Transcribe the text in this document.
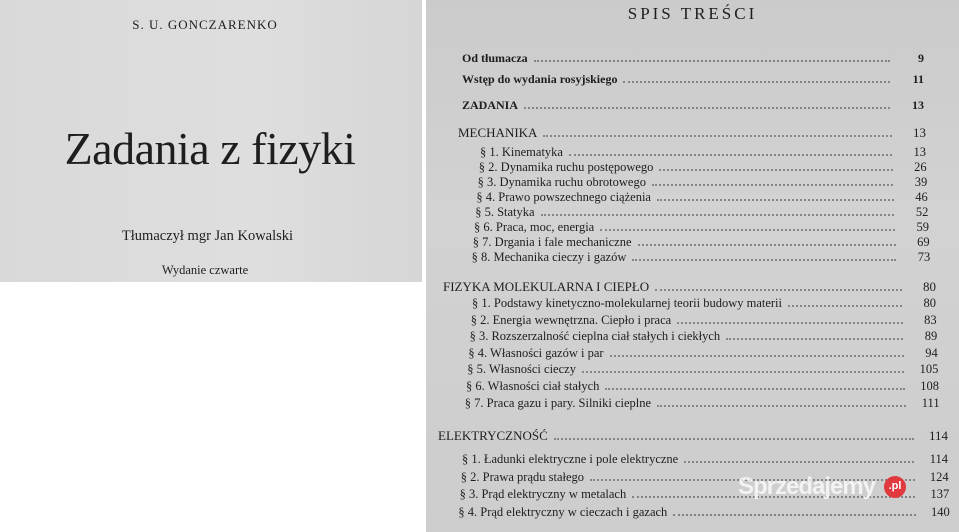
S. U. GONCZARENKO
Zadania z fizyki
Tłumaczył mgr Jan Kowalski
Wydanie czwarte
SPIS TREŚCI
Od tłumacza	9
Wstęp do wydania rosyjskiego	11
ZADANIA	13
MECHANIKA	13
§ 1. Kinematyka	13
§ 2. Dynamika ruchu postępowego	26
§ 3. Dynamika ruchu obrotowego	39
§ 4. Prawo powszechnego ciążenia	46
§ 5. Statyka	52
§ 6. Praca, moc, energia	59
§ 7. Drgania i fale mechaniczne	69
§ 8. Mechanika cieczy i gazów	73
FIZYKA MOLEKULARNA I CIEPŁO	80
§ 1. Podstawy kinetyczno-molekularnej teorii budowy materii	80
§ 2. Energia wewnętrzna. Ciepło i praca	83
§ 3. Rozszerzalność cieplna ciał stałych i ciekłych	89
§ 4. Własności gazów i par	94
§ 5. Własności cieczy	105
§ 6. Własności ciał stałych	108
§ 7. Praca gazu i pary. Silniki cieplne	111
ELEKTRYCZNOŚĆ	114
§ 1. Ładunki elektryczne i pole elektryczne	114
§ 2. Prawa prądu stałego	124
§ 3. Prąd elektryczny w metalach	137
§ 4. Prąd elektryczny w cieczach i gazach	140
Sprzedajemy	.pl
